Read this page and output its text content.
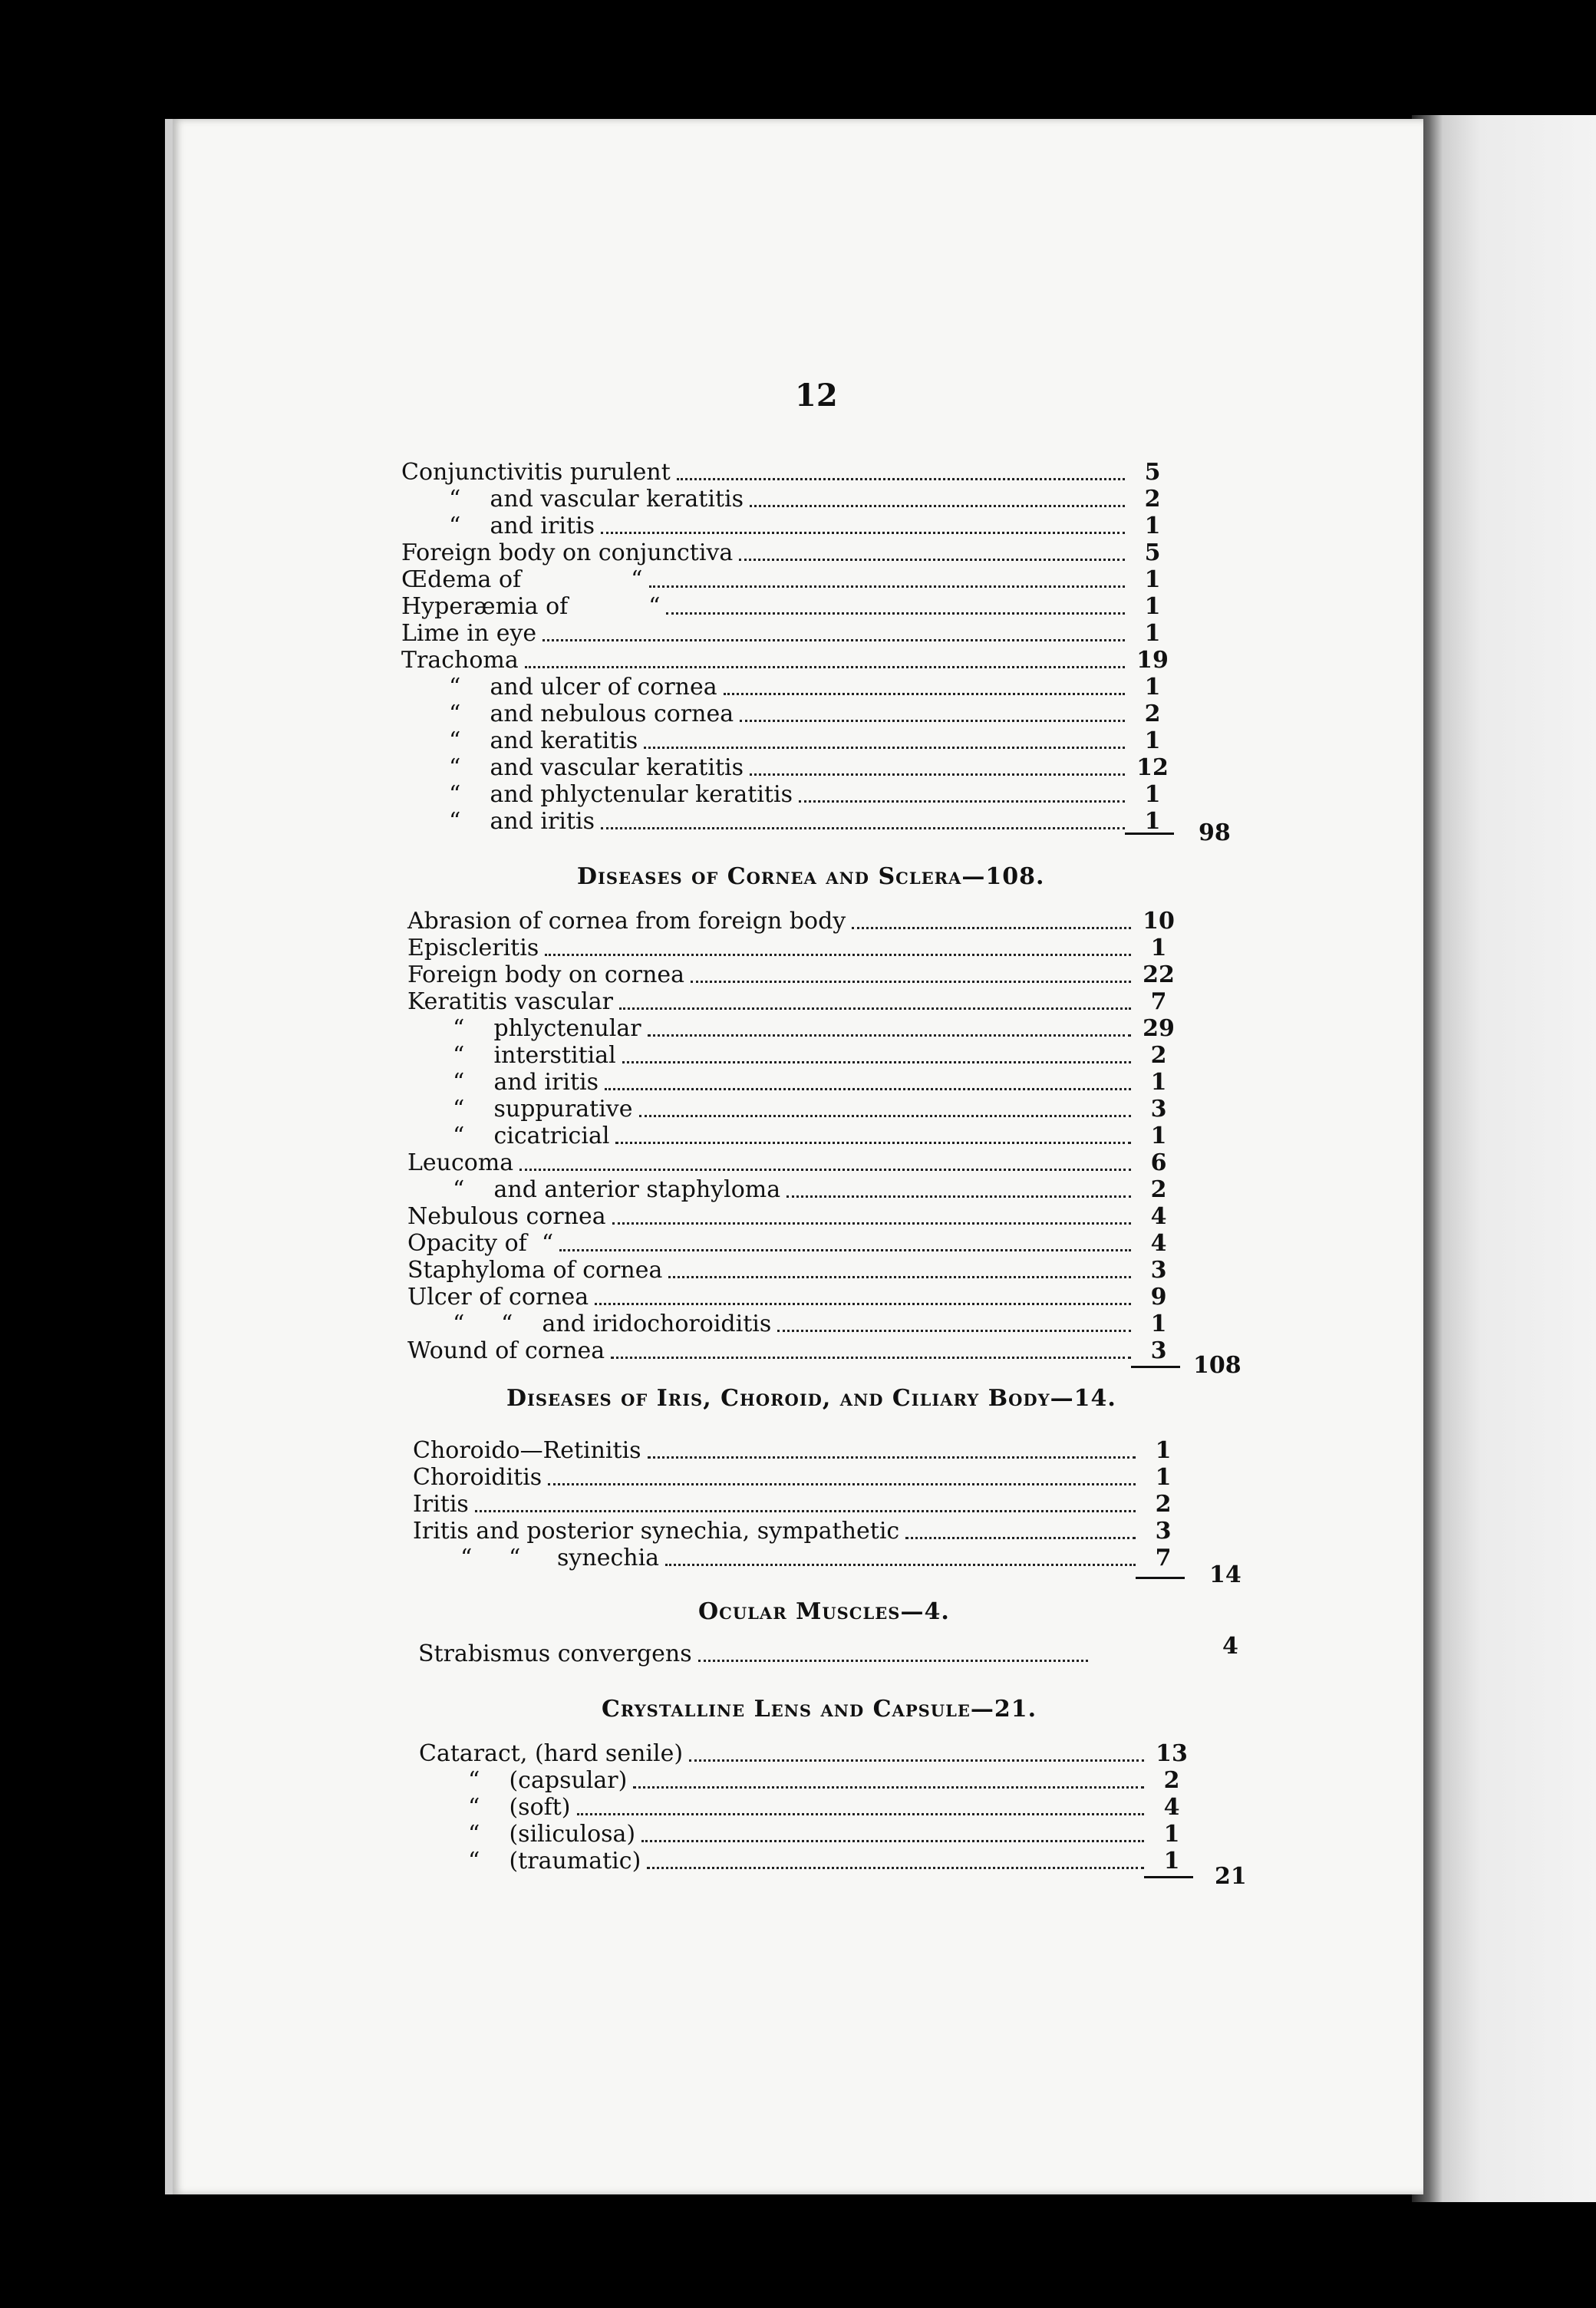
12
Conjunctivitis purulent	5
“    and vascular keratitis	2
“    and iritis	1
Foreign body on conjunctiva	5
Œdema of               “	1
Hyperæmia of           “	1
Lime in eye	1
Trachoma	19
“    and ulcer of cornea	1
“    and nebulous cornea	2
“    and keratitis	1
“    and vascular keratitis	12
“    and phlyctenular keratitis	1
“    and iritis	1	98
Diseases of Cornea and Sclera—108.
Abrasion of cornea from foreign body	10
Episcleritis	1
Foreign body on cornea	22
Keratitis vascular	7
“    phlyctenular	29
“    interstitial	2
“    and iritis	1
“    suppurative	3
“    cicatricial	1
Leucoma	6
“    and anterior staphyloma	2
Nebulous cornea	4
Opacity of  “	4
Staphyloma of cornea	3
Ulcer of cornea	9
“     “    and iridochoroiditis	1
Wound of cornea	3
108
Diseases of Iris, Choroid, and Ciliary Body—14.
Choroido—Retinitis	1
Choroiditis	1
Iritis	2
Iritis and posterior synechia, sympathetic	3
“     “     synechia	7
14
Ocular Muscles—4.
Strabismus convergens	4
Crystalline Lens and Capsule—21.
Cataract, (hard senile)	13
“    (capsular)	2
“    (soft)	4
“    (siliculosa)	1
“    (traumatic)	1
21
